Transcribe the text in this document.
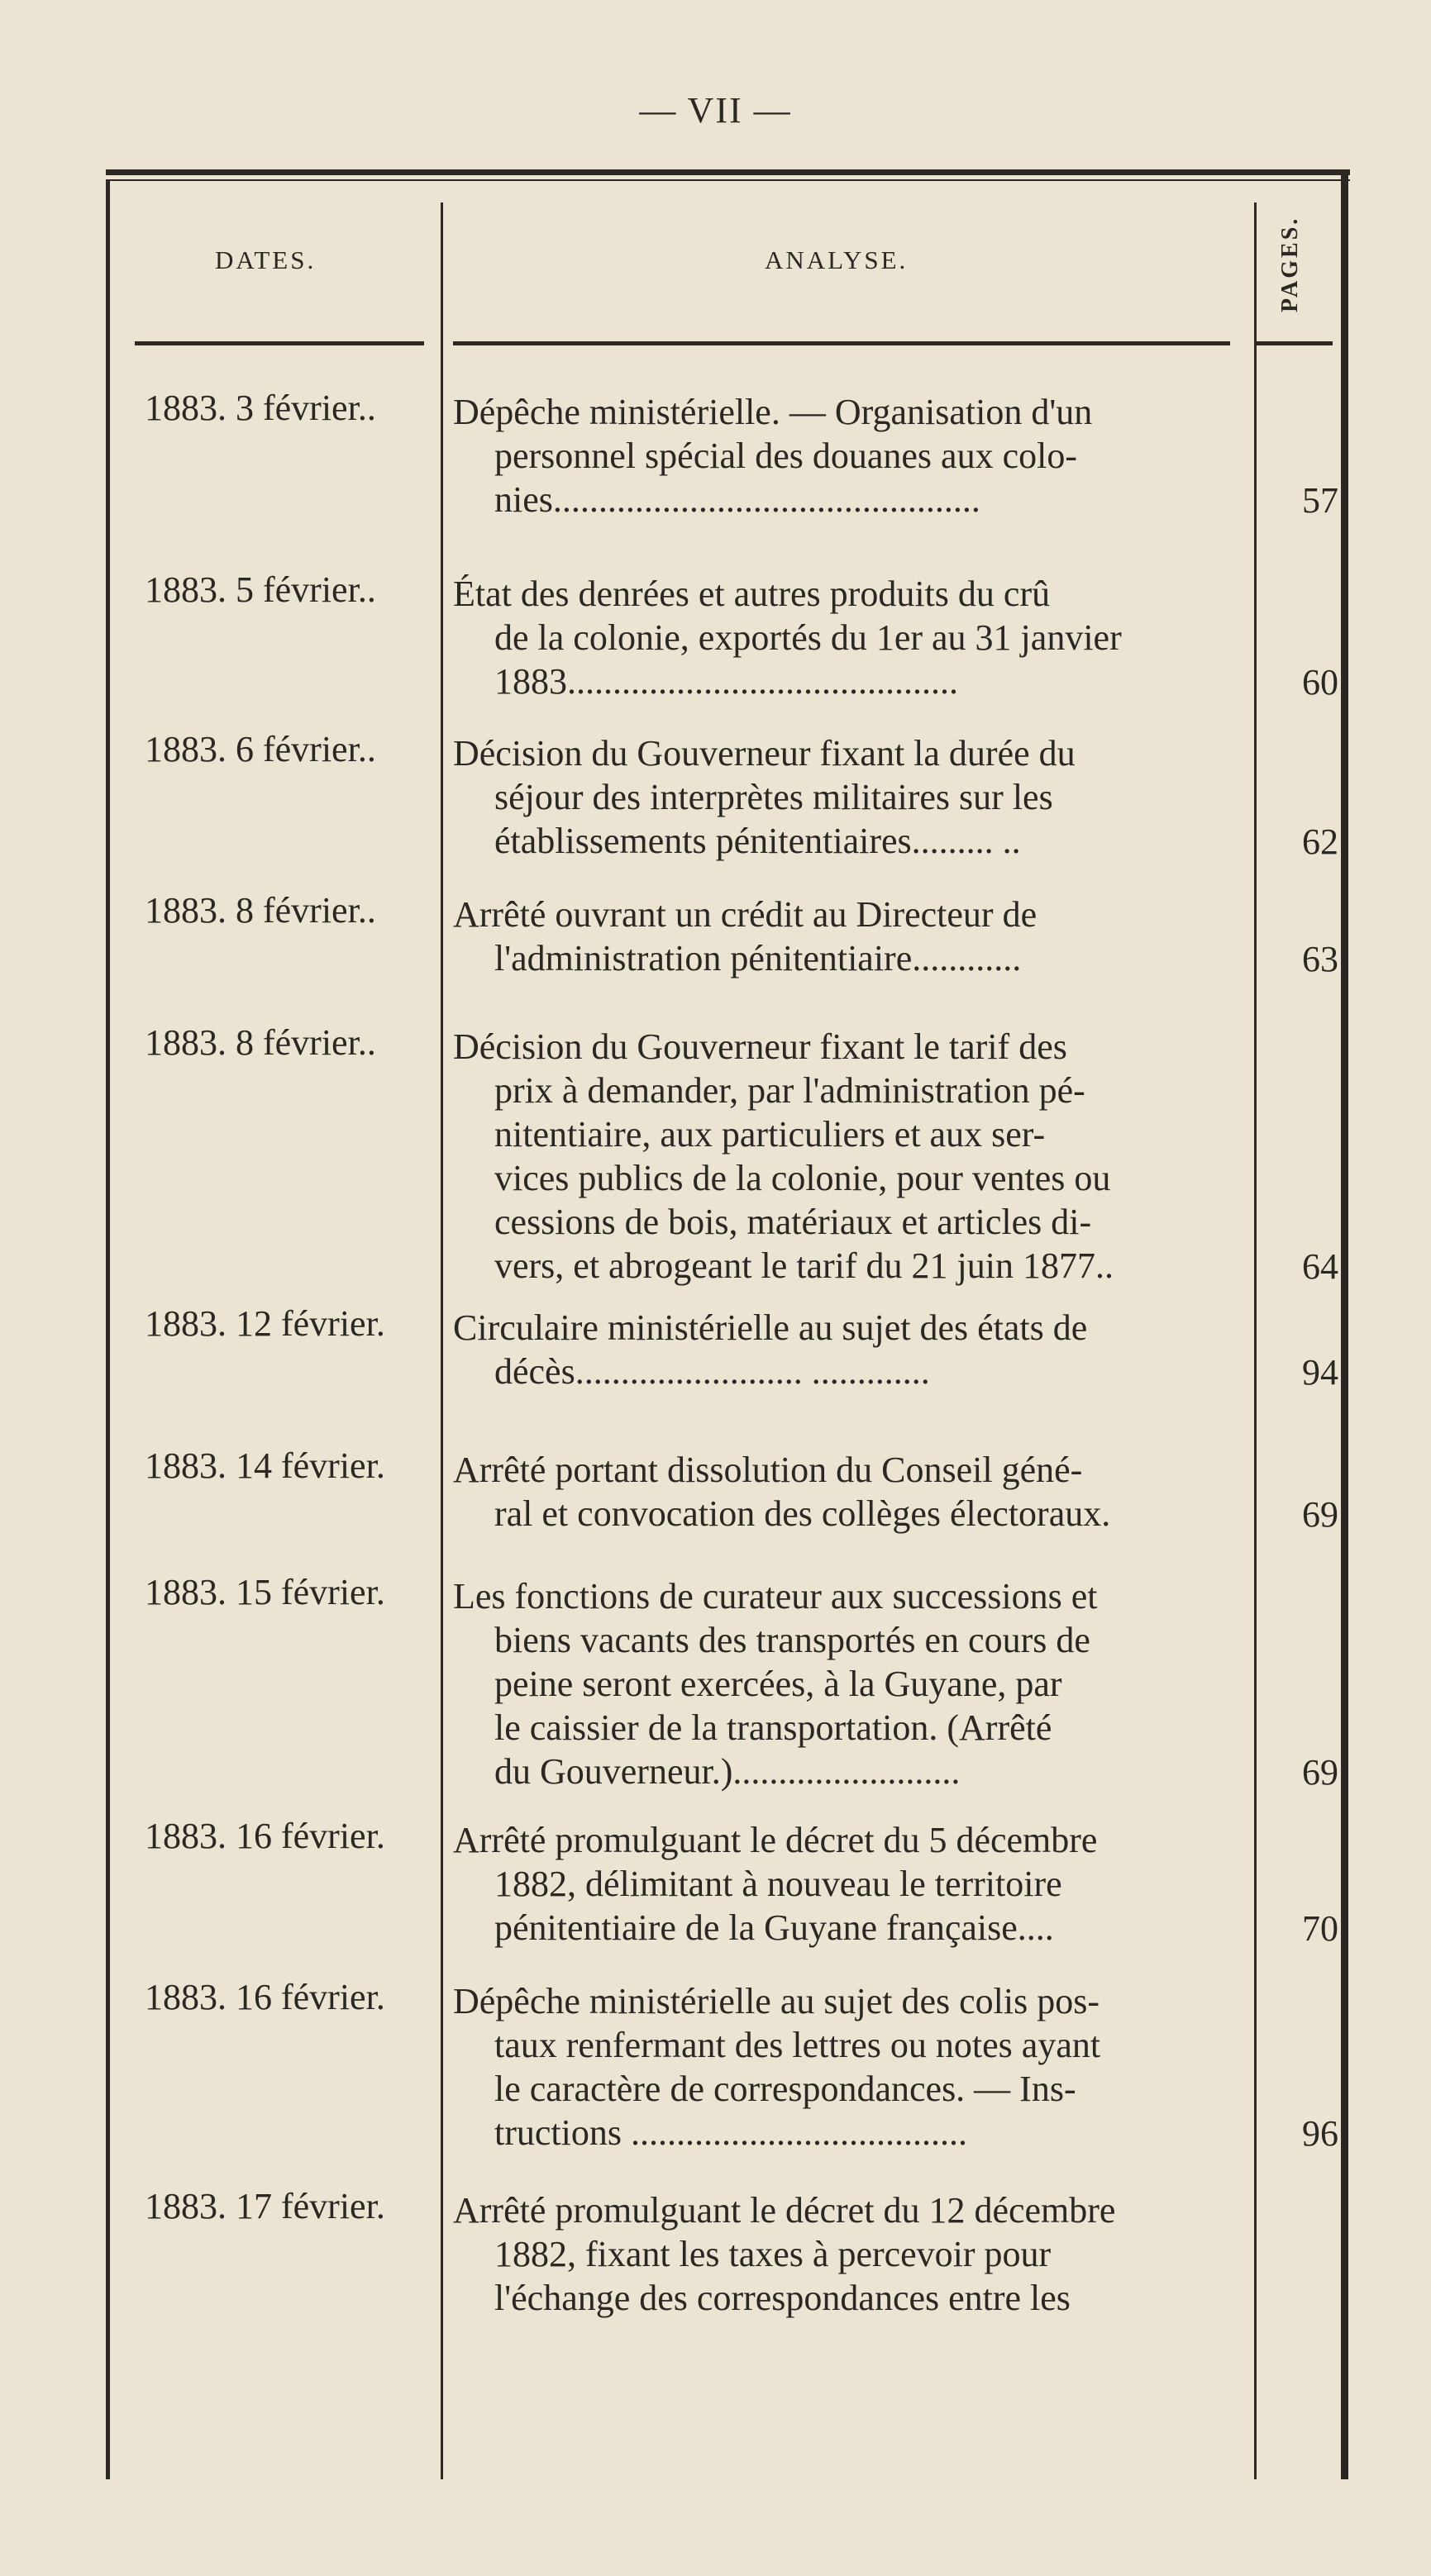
— VII —
DATES.	ANALYSE.	PAGES.
1883. 3 février.. Dépêche ministérielle. — Organisation d'un
personnel spécial des douanes aux colo-
nies...............................................	57
1883. 5 février.. État des denrées et autres produits du crû
de la colonie, exportés du 1er au 31 janvier
1883...........................................	60
1883. 6 février.. Décision du Gouverneur fixant la durée du
séjour des interprètes militaires sur les
établissements pénitentiaires......... ..	62
1883. 8 février.. Arrêté ouvrant un crédit au Directeur de
l'administration pénitentiaire............	63
1883. 8 février.. Décision du Gouverneur fixant le tarif des
prix à demander, par l'administration pé-
nitentiaire, aux particuliers et aux ser-
vices publics de la colonie, pour ventes ou
cessions de bois, matériaux et articles di-
vers, et abrogeant le tarif du 21 juin 1877..	64
1883. 12 février. Circulaire ministérielle au sujet des états de
décès......................... .............	94
1883. 14 février. Arrêté portant dissolution du Conseil géné-
ral et convocation des collèges électoraux.	69
1883. 15 février. Les fonctions de curateur aux successions et
biens vacants des transportés en cours de
peine seront exercées, à la Guyane, par
le caissier de la transportation. (Arrêté
du Gouverneur.).........................	69
1883. 16 février. Arrêté promulguant le décret du 5 décembre
1882, délimitant à nouveau le territoire
pénitentiaire de la Guyane française....	70
1883. 16 février. Dépêche ministérielle au sujet des colis pos-
taux renfermant des lettres ou notes ayant
le caractère de correspondances. — Ins-
tructions .....................................	96
1883. 17 février. Arrêté promulguant le décret du 12 décembre
1882, fixant les taxes à percevoir pour
l'échange des correspondances entre les
